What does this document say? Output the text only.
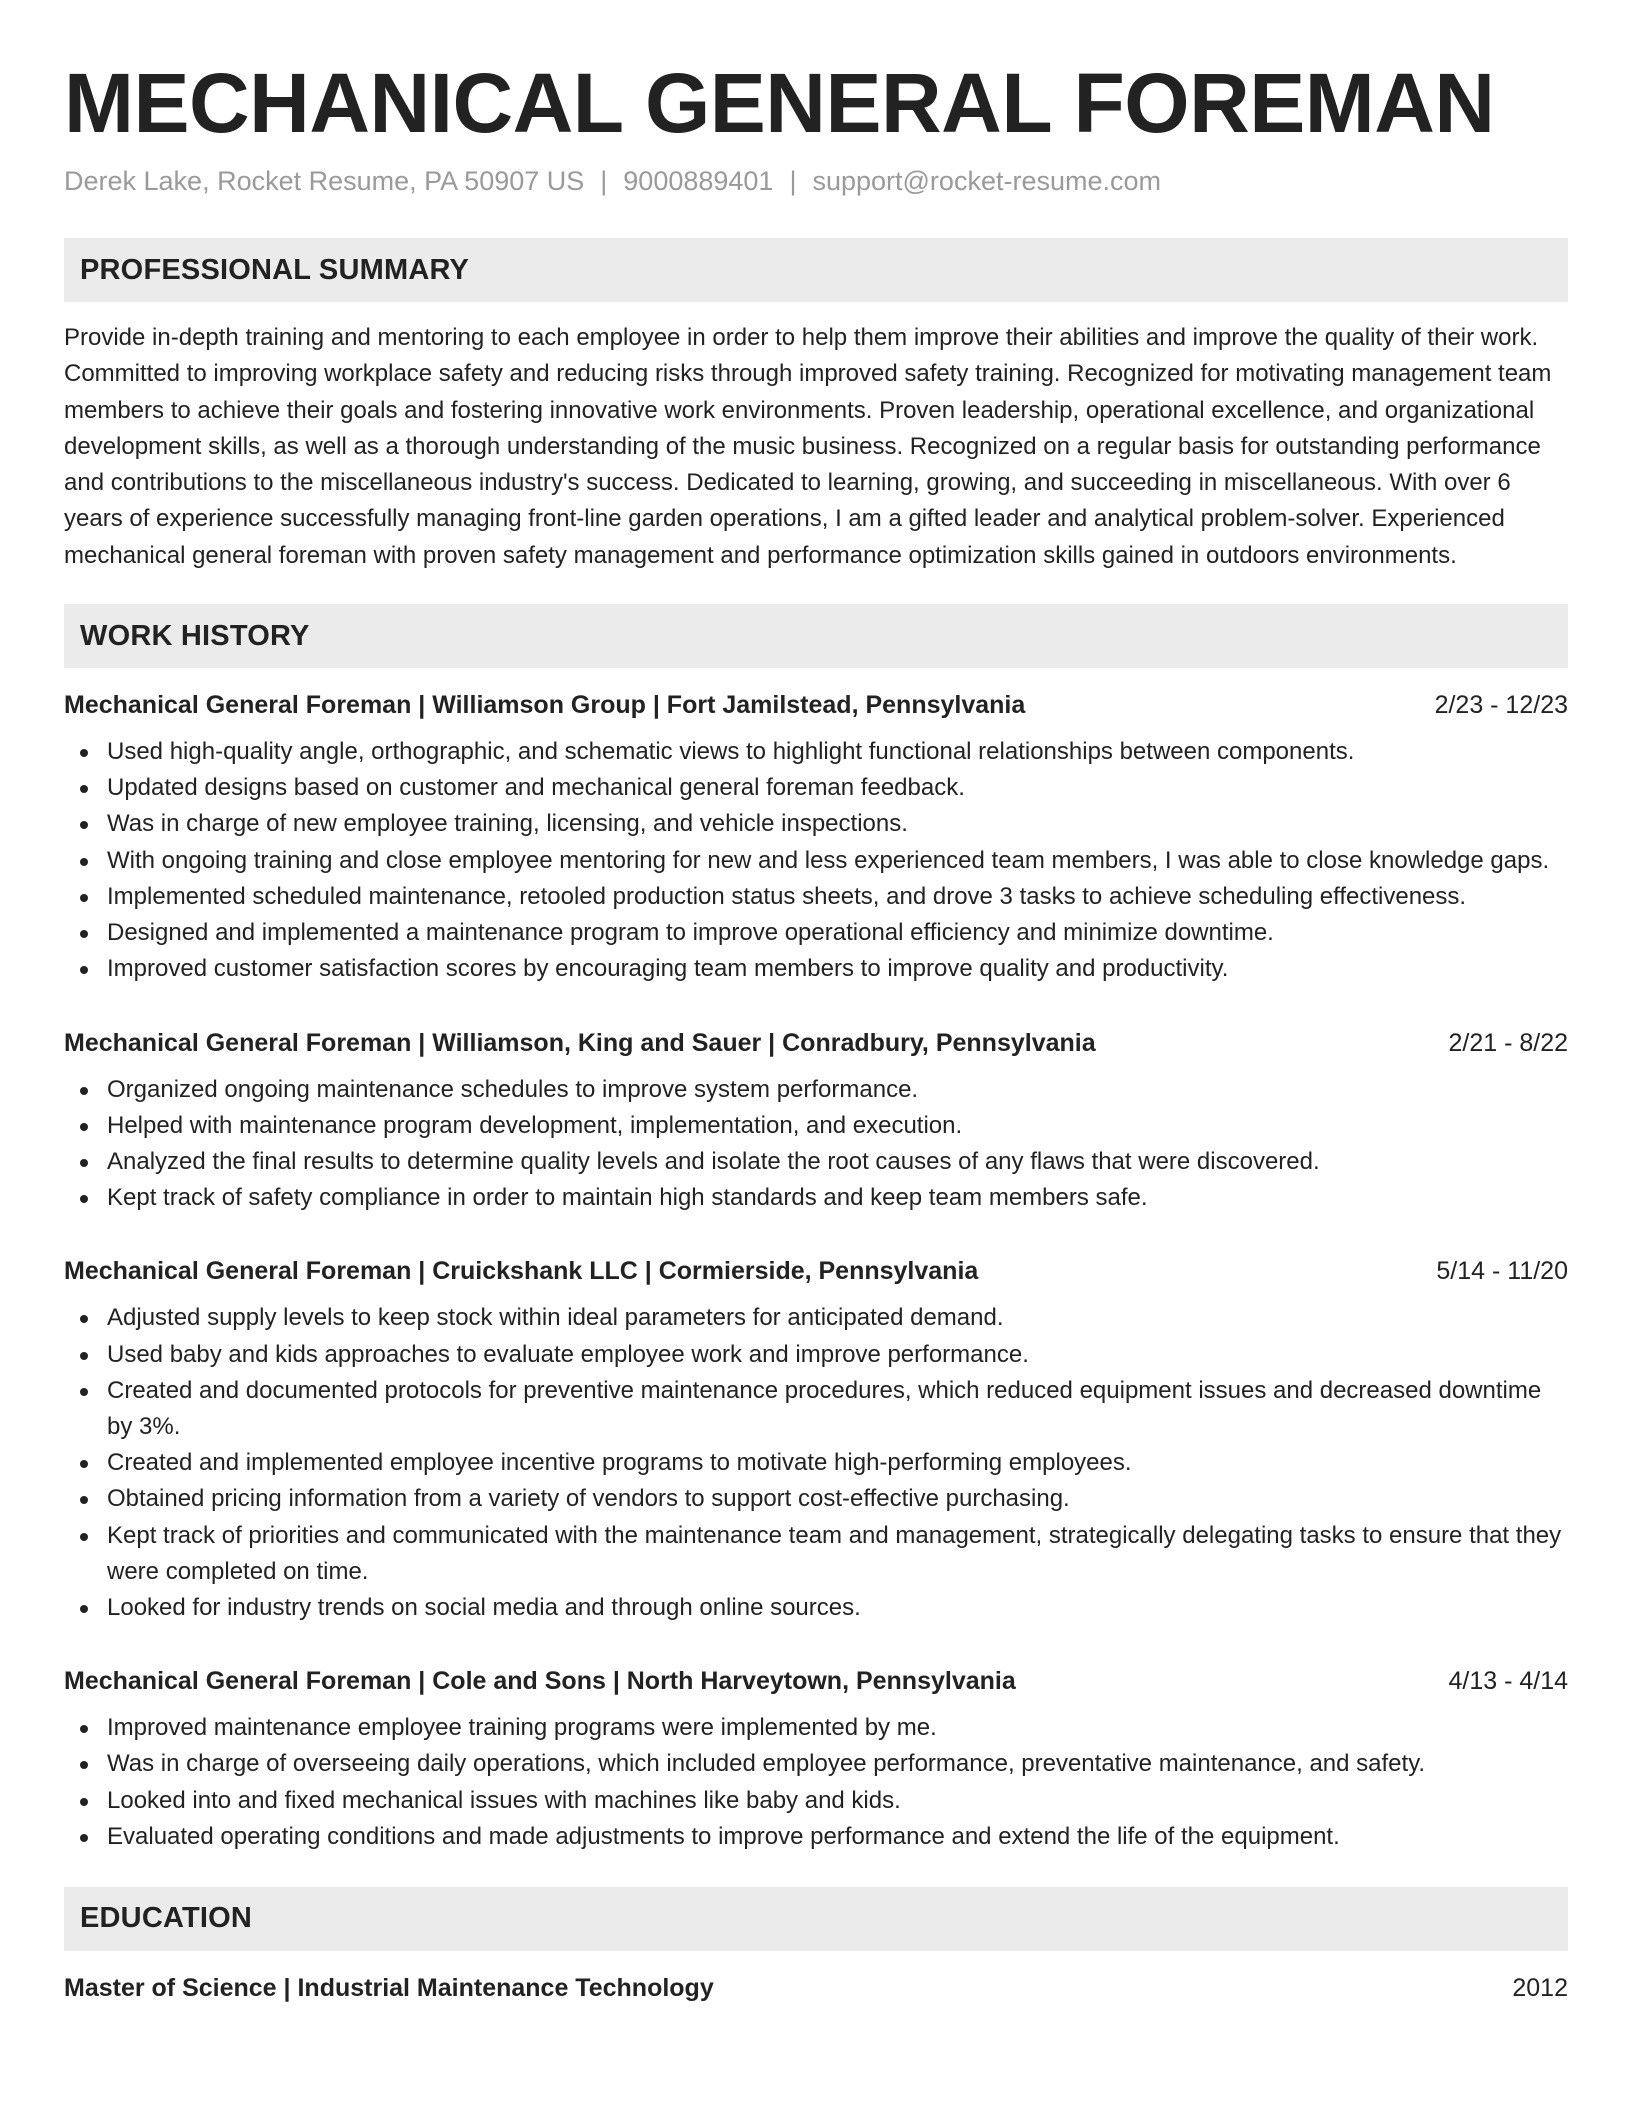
MECHANICAL GENERAL FOREMAN
Derek Lake, Rocket Resume, PA 50907 US | 9000889401 | support@rocket-resume.com
PROFESSIONAL SUMMARY

Provide in-depth training and mentoring to each employee in order to help them improve their abilities and improve the quality of their work. Committed to improving workplace safety and reducing risks through improved safety training. Recognized for motivating management team members to achieve their goals and fostering innovative work environments. Proven leadership, operational excellence, and organizational development skills, as well as a thorough understanding of the music business. Recognized on a regular basis for outstanding performance and contributions to the miscellaneous industry's success. Dedicated to learning, growing, and succeeding in miscellaneous. With over 6 years of experience successfully managing front-line garden operations, I am a gifted leader and analytical problem-solver. Experienced mechanical general foreman with proven safety management and performance optimization skills gained in outdoors environments.

WORK HISTORY
Mechanical General Foreman | Williamson Group | Fort Jamilstead, Pennsylvania	2/23 - 12/23
Used high-quality angle, orthographic, and schematic views to highlight functional relationships between components.
Updated designs based on customer and mechanical general foreman feedback.
Was in charge of new employee training, licensing, and vehicle inspections.
With ongoing training and close employee mentoring for new and less experienced team members, I was able to close knowledge gaps.
Implemented scheduled maintenance, retooled production status sheets, and drove 3 tasks to achieve scheduling effectiveness.
Designed and implemented a maintenance program to improve operational efficiency and minimize downtime.
Improved customer satisfaction scores by encouraging team members to improve quality and productivity.
Mechanical General Foreman | Williamson, King and Sauer | Conradbury, Pennsylvania	2/21 - 8/22
Organized ongoing maintenance schedules to improve system performance.
Helped with maintenance program development, implementation, and execution.
Analyzed the final results to determine quality levels and isolate the root causes of any flaws that were discovered.
Kept track of safety compliance in order to maintain high standards and keep team members safe.
Mechanical General Foreman | Cruickshank LLC | Cormierside, Pennsylvania	5/14 - 11/20
Adjusted supply levels to keep stock within ideal parameters for anticipated demand.
Used baby and kids approaches to evaluate employee work and improve performance.
Created and documented protocols for preventive maintenance procedures, which reduced equipment issues and decreased downtime by 3%.
Created and implemented employee incentive programs to motivate high-performing employees.
Obtained pricing information from a variety of vendors to support cost-effective purchasing.
Kept track of priorities and communicated with the maintenance team and management, strategically delegating tasks to ensure that they were completed on time.
Looked for industry trends on social media and through online sources.
Mechanical General Foreman | Cole and Sons | North Harveytown, Pennsylvania	4/13 - 4/14
Improved maintenance employee training programs were implemented by me.
Was in charge of overseeing daily operations, which included employee performance, preventative maintenance, and safety.
Looked into and fixed mechanical issues with machines like baby and kids.
Evaluated operating conditions and made adjustments to improve performance and extend the life of the equipment.
EDUCATION
Master of Science | Industrial Maintenance Technology	2012
